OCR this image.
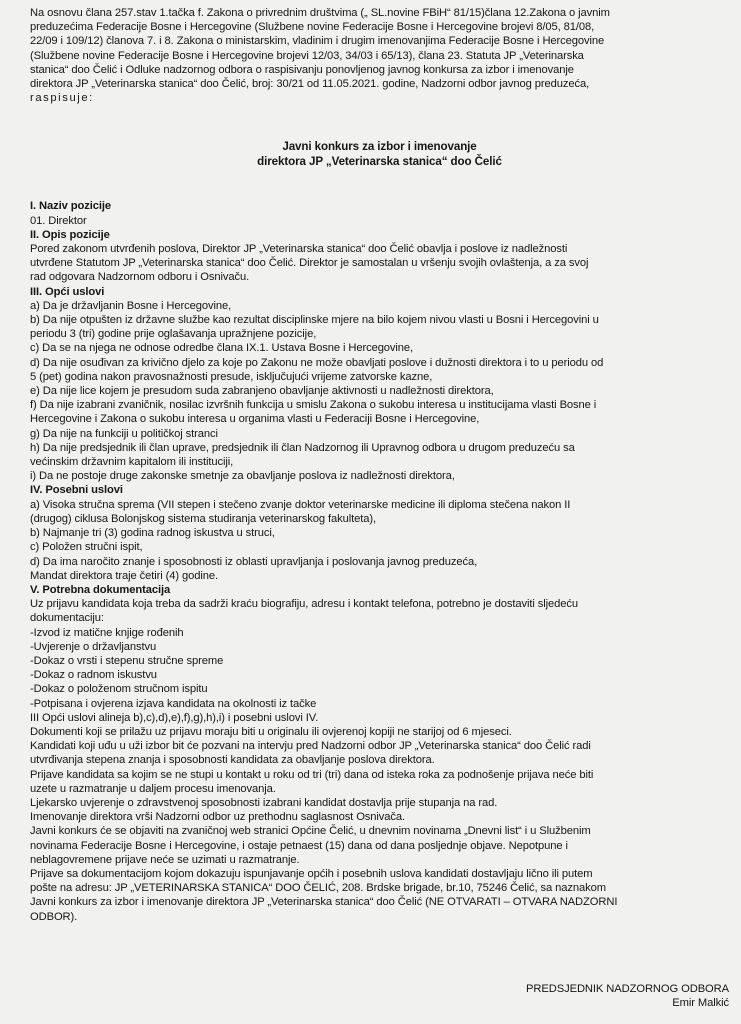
Na osnovu člana 257.stav 1.tačka f. Zakona o privrednim društvima („ SL.novine FBiH“ 81/15)člana 12.Zakona o javnim
preduzećima Federacije Bosne i Hercegovine (Službene novine Federacije Bosne i Hercegovine brojevi 8/05, 81/08,
22/09 i 109/12) članova 7. i 8. Zakona o ministarskim, vladinim i drugim imenovanjima Federacije Bosne i Hercegovine
(Službene novine Federacije Bosne i Hercegovine brojevi 12/03, 34/03 i 65/13), člana 23. Statuta JP „Veterinarska
stanica“ doo Čelić i Odluke nadzornog odbora o raspisivanju ponovljenog javnog konkursa za izbor i imenovanje
direktora JP „Veterinarska stanica“ doo Čelić, broj: 30/21 od 11.05.2021. godine, Nadzorni odbor javnog preduzeća,
raspisuje:
Javni konkurs za izbor i imenovanje
direktora JP „Veterinarska stanica“ doo Čelić
I. Naziv pozicije
01. Direktor
II. Opis pozicije
Pored zakonom utvrđenih poslova, Direktor JP „Veterinarska stanica“ doo Čelić obavlja i poslove iz nadležnosti
utvrđene Statutom JP „Veterinarska stanica“ doo Čelić. Direktor je samostalan u vršenju svojih ovlaštenja, a za svoj
rad odgovara Nadzornom odboru i Osnivaču.
III. Opći uslovi
a) Da je državljanin Bosne i Hercegovine,
b) Da nije otpušten iz državne službe kao rezultat disciplinske mjere na bilo kojem nivou vlasti u Bosni i Hercegovini u
periodu 3 (tri) godine prije oglašavanja upražnjene pozicije,
c) Da se na njega ne odnose odredbe člana IX.1. Ustava Bosne i Hercegovine,
d) Da nije osuđivan za krivično djelo za koje po Zakonu ne može obavljati poslove i dužnosti direktora i to u periodu od
5 (pet) godina nakon pravosnažnosti presude, isključujući vrijeme zatvorske kazne,
e) Da nije lice kojem je presudom suda zabranjeno obavljanje aktivnosti u nadležnosti direktora,
f) Da nije izabrani zvaničnik, nosilac izvršnih funkcija u smislu Zakona o sukobu interesa u institucijama vlasti Bosne i
Hercegovine i Zakona o sukobu interesa u organima vlasti u Federaciji Bosne i Hercegovine,
g) Da nije na funkciji u političkoj stranci
h) Da nije predsjednik ili član uprave, predsjednik ili član Nadzornog ili Upravnog odbora u drugom preduzeću sa
većinskim državnim kapitalom ili instituciji,
i) Da ne postoje druge zakonske smetnje za obavljanje poslova iz nadležnosti direktora,
IV. Posebni uslovi
a) Visoka stručna sprema (VII stepen i stečeno zvanje doktor veterinarske medicine ili diploma stečena nakon II
(drugog) ciklusa Bolonjskog sistema studiranja veterinarskog fakulteta),
b) Najmanje tri (3) godina radnog iskustva u struci,
c) Položen stručni ispit,
d) Da ima naročito znanje i sposobnosti iz oblasti upravljanja i poslovanja javnog preduzeća,
Mandat direktora traje četiri (4) godine.
V. Potrebna dokumentacija
Uz prijavu kandidata koja treba da sadrži kraću biografiju, adresu i kontakt telefona, potrebno je dostaviti sljedeću
dokumentaciju:
-Izvod iz matične knjige rođenih
-Uvjerenje o državljanstvu
-Dokaz o vrsti i stepenu stručne spreme
-Dokaz o radnom iskustvu
-Dokaz o položenom stručnom ispitu
-Potpisana i ovjerena izjava kandidata na okolnosti iz tačke
III Opći uslovi alineja b),c),d),e),f),g),h),i) i posebni uslovi IV.
Dokumenti koji se prilažu uz prijavu moraju biti u originalu ili ovjerenoj kopiji ne starijoj od 6 mjeseci.
Kandidati koji uđu u uži izbor bit će pozvani na intervju pred Nadzorni odbor JP „Veterinarska stanica“ doo Čelić radi
utvrđivanja stepena znanja i sposobnosti kandidata za obavljanje poslova direktora.
Prijave kandidata sa kojim se ne stupi u kontakt u roku od tri (tri) dana od isteka roka za podnošenje prijava neće biti
uzete u razmatranje u daljem procesu imenovanja.
Ljekarsko uvjerenje o zdravstvenoj sposobnosti izabrani kandidat dostavlja prije stupanja na rad.
Imenovanje direktora vrši Nadzorni odbor uz prethodnu saglasnost Osnivača.
Javni konkurs će se objaviti na zvaničnoj web stranici Općine Čelić, u dnevnim novinama „Dnevni list“ i u Službenim
novinama Federacije Bosne i Hercegovine, i ostaje petnaest (15) dana od dana posljednje objave. Nepotpune i
neblagovremene prijave neće se uzimati u razmatranje.
Prijave sa dokumentacijom kojom dokazuju ispunjavanje općih i posebnih uslova kandidati dostavljaju lično ili putem
pošte na adresu: JP „VETERINARSKA STANICA“ DOO ČELIĆ, 208. Brdske brigade, br.10, 75246 Čelić, sa naznakom
Javni konkurs za izbor i imenovanje direktora JP „Veterinarska stanica“ doo Čelić (NE OTVARATI – OTVARA NADZORNI
ODBOR).
PREDSJEDNIK NADZORNOG ODBORA
Emir Malkić
